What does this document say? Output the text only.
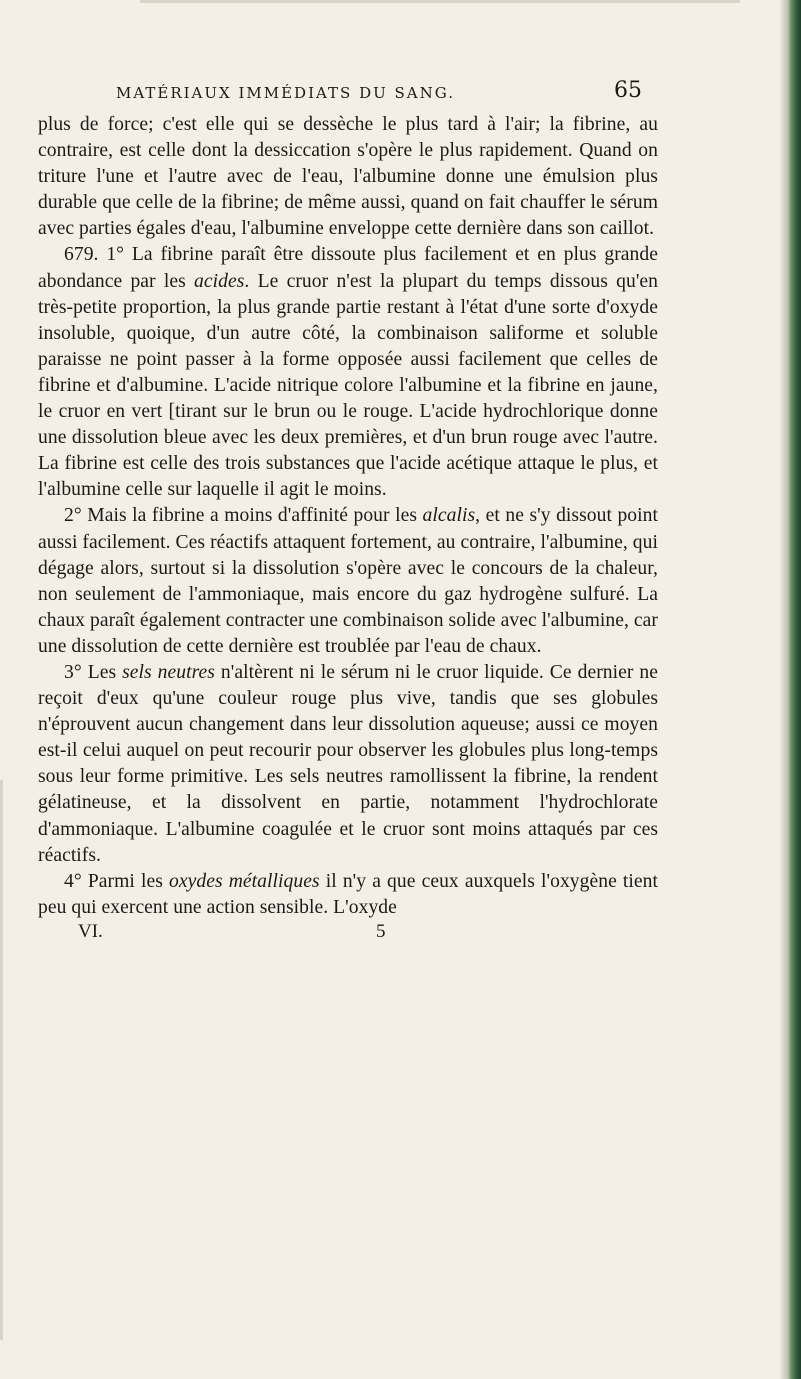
MATÉRIAUX IMMÉDIATS DU SANG.	65

plus de force; c'est elle qui se dessèche le plus tard à l'air; la fibrine, au contraire, est celle dont la dessiccation s'opère le plus rapidement. Quand on triture l'une et l'autre avec de l'eau, l'albumine donne une émulsion plus durable que celle de la fibrine; de même aussi, quand on fait chauffer le sérum avec parties égales d'eau, l'albumine enveloppe cette dernière dans son caillot.

679. 1° La fibrine paraît être dissoute plus facilement et en plus grande abondance par les acides. Le cruor n'est la plupart du temps dissous qu'en très-petite proportion, la plus grande partie restant à l'état d'une sorte d'oxyde insoluble, quoique, d'un autre côté, la combinaison saliforme et soluble paraisse ne point passer à la forme opposée aussi facilement que celles de fibrine et d'albumine. L'acide nitrique colore l'albumine et la fibrine en jaune, le cruor en vert [tirant sur le brun ou le rouge. L'acide hydrochlorique donne une dissolution bleue avec les deux premières, et d'un brun rouge avec l'autre. La fibrine est celle des trois substances que l'acide acétique attaque le plus, et l'albumine celle sur laquelle il agit le moins.

2° Mais la fibrine a moins d'affinité pour les alcalis, et ne s'y dissout point aussi facilement. Ces réactifs attaquent fortement, au contraire, l'albumine, qui dégage alors, surtout si la dissolution s'opère avec le concours de la chaleur, non seulement de l'ammoniaque, mais encore du gaz hydrogène sulfuré. La chaux paraît également contracter une combinaison solide avec l'albumine, car une dissolution de cette dernière est troublée par l'eau de chaux.

3° Les sels neutres n'altèrent ni le sérum ni le cruor liquide. Ce dernier ne reçoit d'eux qu'une couleur rouge plus vive, tandis que ses globules n'éprouvent aucun changement dans leur dissolution aqueuse; aussi ce moyen est-il celui auquel on peut recourir pour observer les globules plus long-temps sous leur forme primitive. Les sels neutres ramollissent la fibrine, la rendent gélatineuse, et la dissolvent en partie, notamment l'hydrochlorate d'ammoniaque. L'albumine coagulée et le cruor sont moins attaqués par ces réactifs.

4° Parmi les oxydes métalliques il n'y a que ceux auxquels l'oxygène tient peu qui exercent une action sensible. L'oxyde

VI.	5
